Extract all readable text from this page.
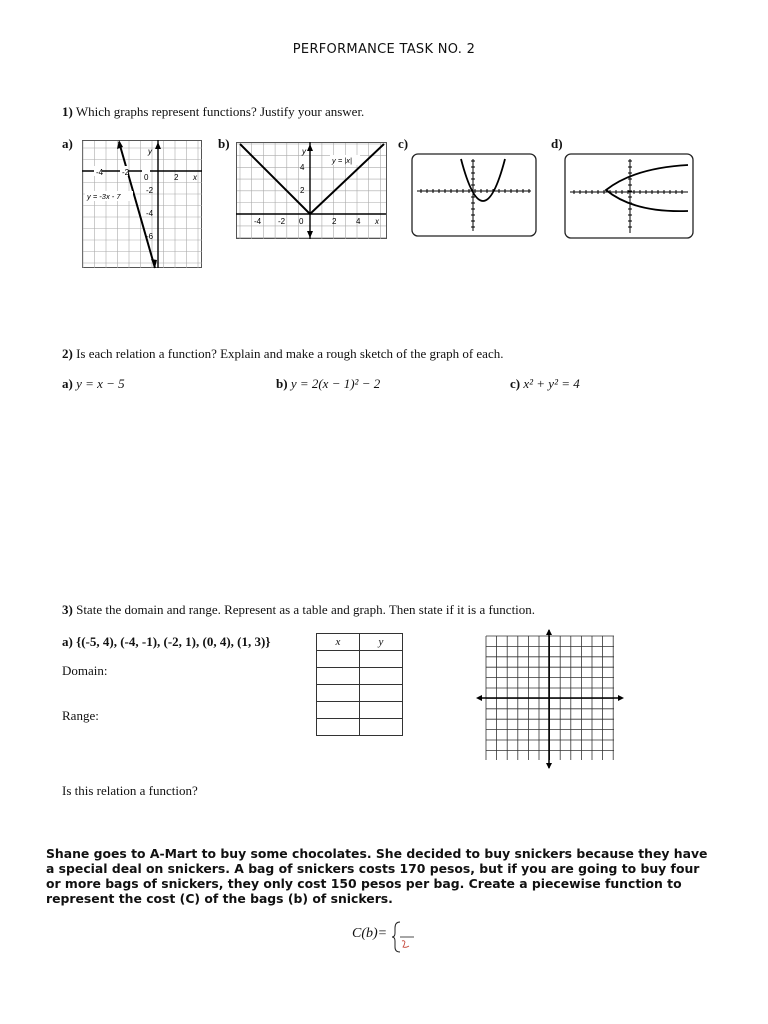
PERFORMANCE TASK NO. 2
1) Which graphs represent functions? Justify your answer.
a)	b)	c)	d)
-4 -2
0	2 x
y
-2
-4
-6
y = -3x - 7
-4 -2 0	2 4 x
y
4
2
y = |x|
2) Is each relation a function? Explain and make a rough sketch of the graph of each.
a) y = x − 5	b) y = 2(x − 1)² − 2	c) x² + y² = 4
3) State the domain and range. Represent as a table and graph. Then state if it is a function.
a) {(-5, 4), (-4, -1), (-2, 1), (0, 4), (1, 3)}
Domain:
Range:
Is this relation a function?
x	y

Shane goes to A-Mart to buy some chocolates. She decided to buy snickers because they have a special deal on snickers. A bag of snickers costs 170 pesos, but if you are going to buy four or more bags of snickers, they only cost 150 pesos per bag. Create a piecewise function to represent the cost (C) of the bags (b) of snickers.
C(b)=
